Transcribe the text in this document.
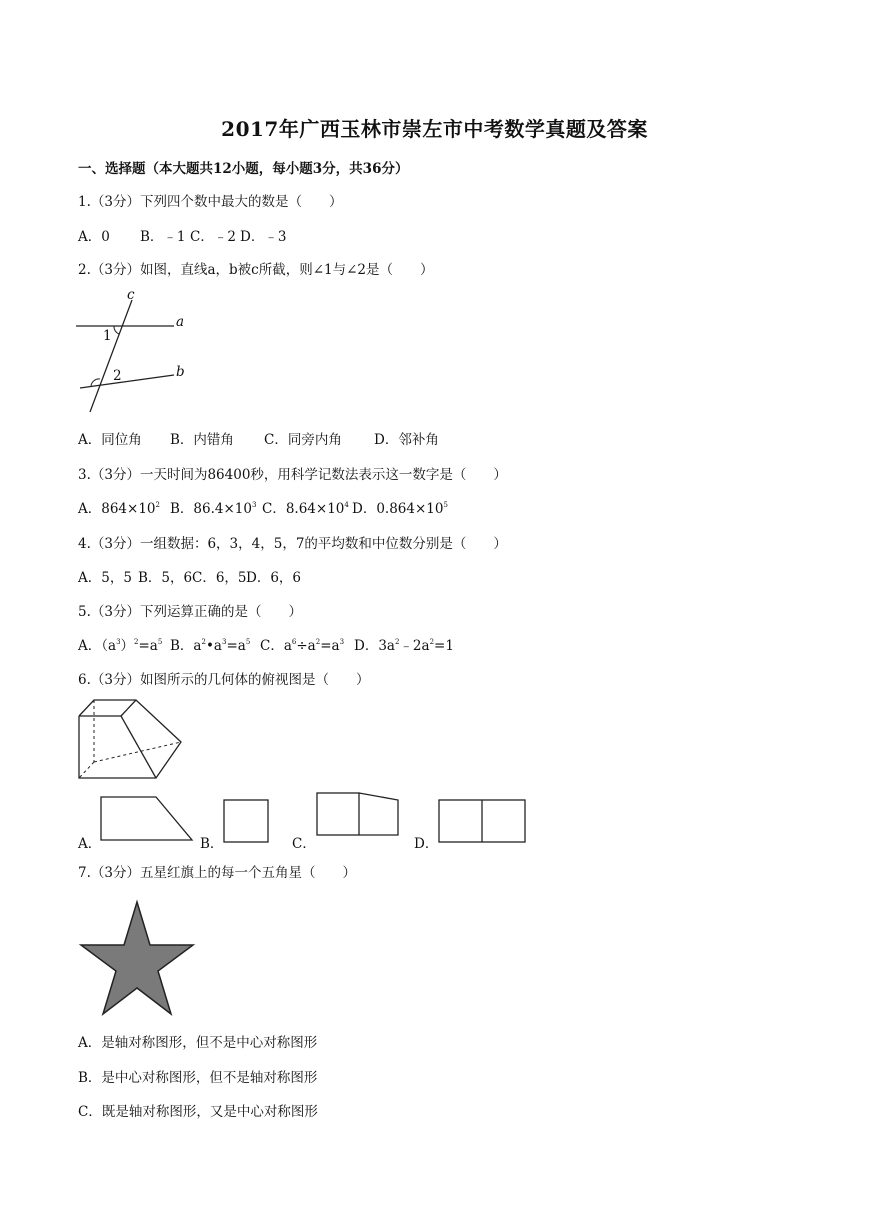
2017年广西玉林市崇左市中考数学真题及答案
一、选择题（本大题共12小题，每小题3分，共36分）
1.（3分）下列四个数中最大的数是（　　）
A．0 B．﹣1 C．﹣2 D．﹣3
2.（3分）如图，直线a，b被c所截，则∠1与∠2是（　　）
c
a
b
1
2
A．同位角 B．内错角 C．同旁内角 D．邻补角
3.（3分）一天时间为86400秒，用科学记数法表示这一数字是（　　）
A．$864\times 10^2$ B．$86.4\times 10^3$ C．$8.64\times 10^4$ D．$0.864\times 10^5$
4.（3分）一组数据：6，3，4，5，7的平均数和中位数分别是（　　）
A．5，5 B．5，6C．6，5D．6，6
5.（3分）下列运算正确的是（　　）
A．$(a^3)^2=a^5$ B．$a^2•a^3=a^5$ C．$a^6\div a^2=a^3$ D．$3a^2﹣2a^2=1$
6.（3分）如图所示的几何体的俯视图是（　　）
A．	B．	C．	D．
7.（3分）五星红旗上的每一个五角星（　　）
A．是轴对称图形，但不是中心对称图形
B．是中心对称图形，但不是轴对称图形
C．既是轴对称图形，又是中心对称图形
